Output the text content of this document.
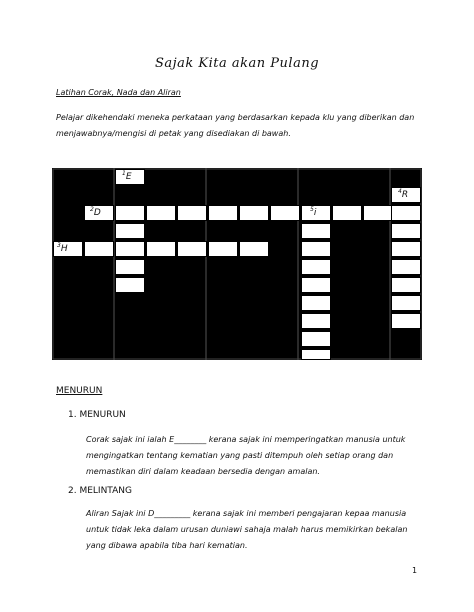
Sajak Kita akan Pulang
Latihan Corak, Nada dan Aliran
Pelajar dikehendaki meneka perkataan yang berdasarkan kepada klu yang diberikan dan menjawabnya/mengisi di petak yang disediakan di bawah.
$^1$E
$^2$D
$^3$H
$^4$R
$^5$i
MENURUN
1. MENURUN
Corak sajak ini ialah E________ kerana sajak ini memperingatkan manusia untuk mengingatkan tentang kematian yang pasti ditempuh oleh setiap orang dan memastikan diri dalam keadaan bersedia dengan amalan.
2. MELINTANG
Aliran Sajak ini D_________ kerana sajak ini memberi pengajaran kepaa manusia untuk tidak leka dalam urusan duniawi sahaja malah harus memikirkan bekalan yang dibawa apabila tiba hari kematian.
1
